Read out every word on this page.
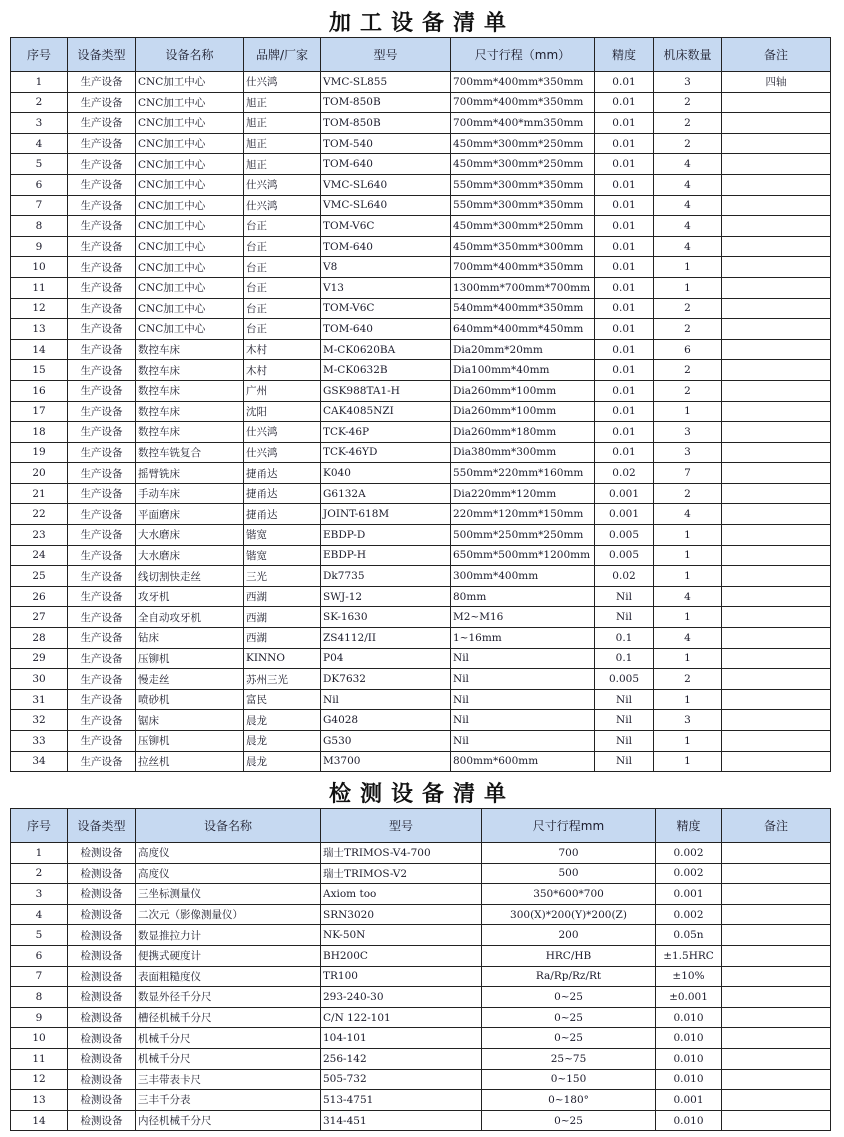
加工设备清单
序号	设备类型	设备名称	品牌/厂家	型号	尺寸行程（mm）	精度	机床数量	备注
1	生产设备	CNC加工中心	仕兴鸿	VMC-SL855	700mm*400mm*350mm	0.01	3	四轴
2	生产设备	CNC加工中心	旭正	TOM-850B	700mm*400mm*350mm	0.01	2	
3	生产设备	CNC加工中心	旭正	TOM-850B	700mm*400*mm350mm	0.01	2	
4	生产设备	CNC加工中心	旭正	TOM-540	450mm*300mm*250mm	0.01	2	
5	生产设备	CNC加工中心	旭正	TOM-640	450mm*300mm*250mm	0.01	4	
6	生产设备	CNC加工中心	仕兴鸿	VMC-SL640	550mm*300mm*350mm	0.01	4	
7	生产设备	CNC加工中心	仕兴鸿	VMC-SL640	550mm*300mm*350mm	0.01	4	
8	生产设备	CNC加工中心	台正	TOM-V6C	450mm*300mm*250mm	0.01	4	
9	生产设备	CNC加工中心	台正	TOM-640	450mm*350mm*300mm	0.01	4	
10	生产设备	CNC加工中心	台正	V8	700mm*400mm*350mm	0.01	1	
11	生产设备	CNC加工中心	台正	V13	1300mm*700mm*700mm	0.01	1	
12	生产设备	CNC加工中心	台正	TOM-V6C	540mm*400mm*350mm	0.01	2	
13	生产设备	CNC加工中心	台正	TOM-640	640mm*400mm*450mm	0.01	2	
14	生产设备	数控车床	木村	M-CK0620BA	Dia20mm*20mm	0.01	6	
15	生产设备	数控车床	木村	M-CK0632B	Dia100mm*40mm	0.01	2	
16	生产设备	数控车床	广州	GSK988TA1-H	Dia260mm*100mm	0.01	2	
17	生产设备	数控车床	沈阳	CAK4085NZI	Dia260mm*100mm	0.01	1	
18	生产设备	数控车床	仕兴鸿	TCK-46P	Dia260mm*180mm	0.01	3	
19	生产设备	数控车铣复合	仕兴鸿	TCK-46YD	Dia380mm*300mm	0.01	3	
20	生产设备	摇臂铣床	捷甬达	K040	550mm*220mm*160mm	0.02	7	
21	生产设备	手动车床	捷甬达	G6132A	Dia220mm*120mm	0.001	2	
22	生产设备	平面磨床	捷甬达	JOINT-618M	220mm*120mm*150mm	0.001	4	
23	生产设备	大水磨床	锴宽	EBDP-D	500mm*250mm*250mm	0.005	1	
24	生产设备	大水磨床	锴宽	EBDP-H	650mm*500mm*1200mm	0.005	1	
25	生产设备	线切割快走丝	三光	Dk7735	300mm*400mm	0.02	1	
26	生产设备	攻牙机	西湖	SWJ-12	80mm	Nil	4	
27	生产设备	全自动攻牙机	西湖	SK-1630	M2~M16	Nil	1	
28	生产设备	钻床	西湖	ZS4112/II	1~16mm	0.1	4	
29	生产设备	压铆机	KINNO	P04	Nil	0.1	1	
30	生产设备	慢走丝	苏州三光	DK7632	Nil	0.005	2	
31	生产设备	喷砂机	富民	Nil	Nil	Nil	1	
32	生产设备	锯床	晨龙	G4028	Nil	Nil	3	
33	生产设备	压铆机	晨龙	G530	Nil	Nil	1	
34	生产设备	拉丝机	晨龙	M3700	800mm*600mm	Nil	1	
检测设备清单
序号	设备类型	设备名称	型号	尺寸行程mm	精度	备注
1	检测设备	高度仪	瑞士TRIMOS-V4-700	700	0.002	
2	检测设备	高度仪	瑞士TRIMOS-V2	500	0.002	
3	检测设备	三坐标测量仪	Axiom too	350*600*700	0.001	
4	检测设备	二次元（影像测量仪）	SRN3020	300(X)*200(Y)*200(Z)	0.002	
5	检测设备	数显推拉力计	NK-50N	200	0.05n	
6	检测设备	便携式硬度计	BH200C	HRC/HB	±1.5HRC	
7	检测设备	表面粗糙度仪	TR100	Ra/Rp/Rz/Rt	±10%	
8	检测设备	数显外径千分尺	293-240-30	0~25	±0.001	
9	检测设备	槽径机械千分尺	C/N 122-101	0~25	0.010	
10	检测设备	机械千分尺	104-101	0~25	0.010	
11	检测设备	机械千分尺	256-142	25~75	0.010	
12	检测设备	三丰带表卡尺	505-732	0~150	0.010	
13	检测设备	三丰千分表	513-4751	0~180°	0.001	
14	检测设备	内径机械千分尺	314-451	0~25	0.010	
